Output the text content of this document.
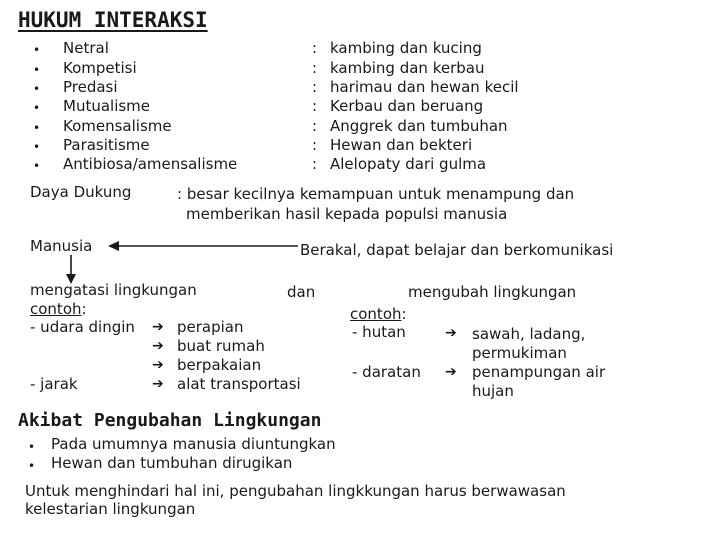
HUKUM INTERAKSI
• Netral	: kambing dan kucing
• Kompetisi	: kambing dan kerbau
• Predasi	: harimau dan hewan kecil
• Mutualisme	: Kerbau dan beruang
• Komensalisme	: Anggrek dan tumbuhan
• Parasitisme	: Hewan dan bekteri
• Antibiosa/amensalisme	: Alelopaty dari gulma
Daya Dukung	: besar kecilnya kemampuan untuk menampung dan
memberikan hasil kepada populsi manusia
Manusia	Berakal, dapat belajar dan berkomunikasi
mengatasi lingkungan	dan
contoh:
- udara dingin ➔ perapian
➔ buat rumah
➔ berpakaian
- jarak	➔ alat transportasi
mengubah lingkungan
contoh:
- hutan	➔ sawah, ladang,
permukiman
- daratan ➔ penampungan air
hujan
Akibat Pengubahan Lingkungan
• Pada umumnya manusia diuntungkan
• Hewan dan tumbuhan dirugikan
Untuk menghindari hal ini, pengubahan lingkkungan harus berwawasan
kelestarian lingkungan
